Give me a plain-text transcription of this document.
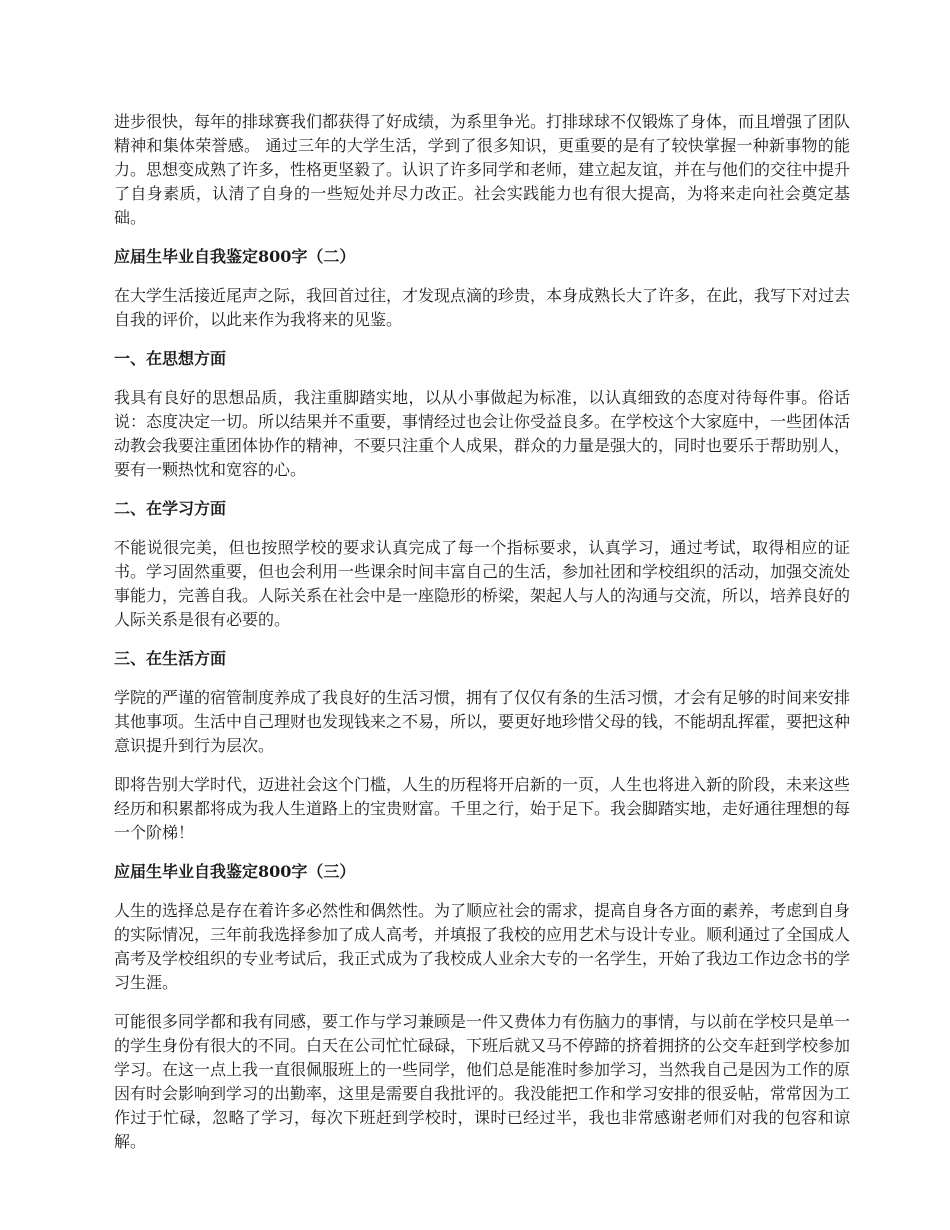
进步很快，每年的排球赛我们都获得了好成绩，为系里争光。打排球球不仅锻炼了身体，而且增强了团队精神和集体荣誉感。 通过三年的大学生活，学到了很多知识，更重要的是有了较快掌握一种新事物的能力。思想变成熟了许多，性格更坚毅了。认识了许多同学和老师，建立起友谊，并在与他们的交往中提升了自身素质，认清了自身的一些短处并尽力改正。社会实践能力也有很大提高，为将来走向社会奠定基础。

应届生毕业自我鉴定800字（二）

在大学生活接近尾声之际，我回首过往，才发现点滴的珍贵，本身成熟长大了许多，在此，我写下对过去自我的评价，以此来作为我将来的见鉴。

一、在思想方面

我具有良好的思想品质，我注重脚踏实地，以从小事做起为标准，以认真细致的态度对待每件事。俗话说：态度决定一切。所以结果并不重要，事情经过也会让你受益良多。在学校这个大家庭中，一些团体活动教会我要注重团体协作的精神，不要只注重个人成果，群众的力量是强大的，同时也要乐于帮助别人，要有一颗热忱和宽容的心。

二、在学习方面

不能说很完美，但也按照学校的要求认真完成了每一个指标要求，认真学习，通过考试，取得相应的证书。学习固然重要，但也会利用一些课余时间丰富自己的生活，参加社团和学校组织的活动，加强交流处事能力，完善自我。人际关系在社会中是一座隐形的桥梁，架起人与人的沟通与交流，所以，培养良好的人际关系是很有必要的。

三、在生活方面

学院的严谨的宿管制度养成了我良好的生活习惯，拥有了仅仅有条的生活习惯，才会有足够的时间来安排其他事项。生活中自己理财也发现钱来之不易，所以，要更好地珍惜父母的钱，不能胡乱挥霍，要把这种意识提升到行为层次。

即将告别大学时代，迈进社会这个门槛，人生的历程将开启新的一页，人生也将进入新的阶段，未来这些经历和积累都将成为我人生道路上的宝贵财富。千里之行，始于足下。我会脚踏实地，走好通往理想的每一个阶梯！

应届生毕业自我鉴定800字（三）

人生的选择总是存在着许多必然性和偶然性。为了顺应社会的需求，提高自身各方面的素养，考虑到自身的实际情况，三年前我选择参加了成人高考，并填报了我校的应用艺术与设计专业。顺利通过了全国成人高考及学校组织的专业考试后，我正式成为了我校成人业余大专的一名学生，开始了我边工作边念书的学习生涯。

可能很多同学都和我有同感，要工作与学习兼顾是一件又费体力有伤脑力的事情，与以前在学校只是单一的学生身份有很大的不同。白天在公司忙忙碌碌，下班后就又马不停蹄的挤着拥挤的公交车赶到学校参加学习。在这一点上我一直很佩服班上的一些同学，他们总是能准时参加学习，当然我自己是因为工作的原因有时会影响到学习的出勤率，这里是需要自我批评的。我没能把工作和学习安排的很妥帖，常常因为工作过于忙碌，忽略了学习，每次下班赶到学校时，课时已经过半，我也非常感谢老师们对我的包容和谅解。
